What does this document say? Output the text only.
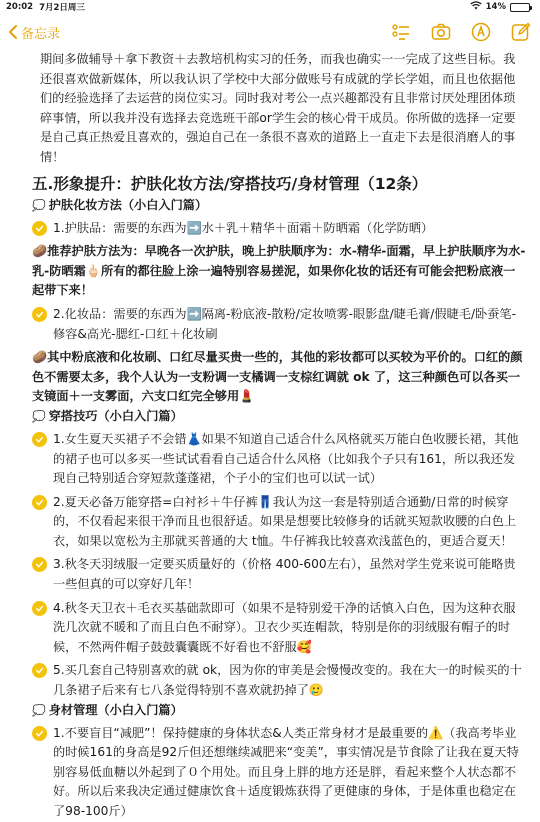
20:02 7月2日周三	14%
备忘录

期间多做辅导＋拿下教资＋去教培机构实习的任务，而我也确实一一完成了这些目标。我还很喜欢做新媒体，所以我认识了学校中大部分做账号有成就的学长学姐，而且也依据他们的经验选择了去运营的岗位实习。同时我对考公一点兴趣都没有且非常讨厌处理团体琐碎事情，所以我并没有选择去竞选班干部or学生会的核心骨干成员。你所做的选择一定要是自己真正热爱且喜欢的，强迫自己在一条很不喜欢的道路上一直走下去是很消磨人的事情！

五.形象提升：护肤化妆方法/穿搭技巧/身材管理（12条）
💭 护肤化妆方法（小白入门篇）

1.护肤品：需要的东西为➡️水＋乳＋精华＋面霜＋防晒霜（化学防晒）

🥔推荐护肤方法为：早晚各一次护肤，晚上护肤顺序为：水-精华-面霜，早上护肤顺序为水-乳-防晒霜🖕🏻所有的都往脸上涂一遍特别容易搓泥，如果你化妆的话还有可能会把粉底液一起带下来！

2.化妆品：需要的东西为➡️隔离-粉底液-散粉/定妆喷雾-眼影盘/睫毛膏/假睫毛/卧蚕笔-修容&高光-腮红-口红＋化妆刷

🥔其中粉底液和化妆刷、口红尽量买贵一些的，其他的彩妆都可以买较为平价的。口红的颜色不需要太多，我个人认为一支粉调一支橘调一支棕红调就 ok 了，这三种颜色可以各买一支镜面＋一支雾面，六支口红完全够用💄

💭 穿搭技巧（小白入门篇）

1.女生夏天买裙子不会错👗如果不知道自己适合什么风格就买万能白色收腰长裙，其他的裙子也可以多买一些试试看看自己适合什么风格（比如我个子只有161，所以我还发现自己特别适合穿短款蓬蓬裙，个子小的宝们也可以试一试）

2.夏天必备万能穿搭=白衬衫＋牛仔裤👖我认为这一套是特别适合通勤/日常的时候穿的，不仅看起来很干净而且也很舒适。如果是想要比较修身的话就买短款收腰的白色上衣，如果以宽松为主那就买普通的大 t恤。牛仔裤我比较喜欢浅蓝色的，更适合夏天！

3.秋冬天羽绒服一定要买质量好的（价格 400-600左右），虽然对学生党来说可能略贵一些但真的可以穿好几年！

4.秋冬天卫衣＋毛衣买基础款即可（如果不是特别爱干净的话慎入白色，因为这种衣服洗几次就不暖和了而且白色不耐穿）。卫衣少买连帽款，特别是你的羽绒服有帽子的时候，不然两件帽子鼓鼓囊囊既不好看也不舒服🥰

5.买几套自己特别喜欢的就 ok，因为你的审美是会慢慢改变的。我在大一的时候买的十几条裙子后来有七八条觉得特别不喜欢就扔掉了🥲

💭 身材管理（小白入门篇）

1.不要盲目“减肥”！保持健康的身体状态&人类正常身材才是最重要的⚠️（我高考毕业的时候161的身高是92斤但还想继续减肥来“变美”，事实情况是节食除了让我在夏天特别容易低血糖以外起到了０个用处。而且身上胖的地方还是胖，看起来整个人状态都不好。所以后来我决定通过健康饮食＋适度锻炼获得了更健康的身体，于是体重也稳定在了98-100斤）
